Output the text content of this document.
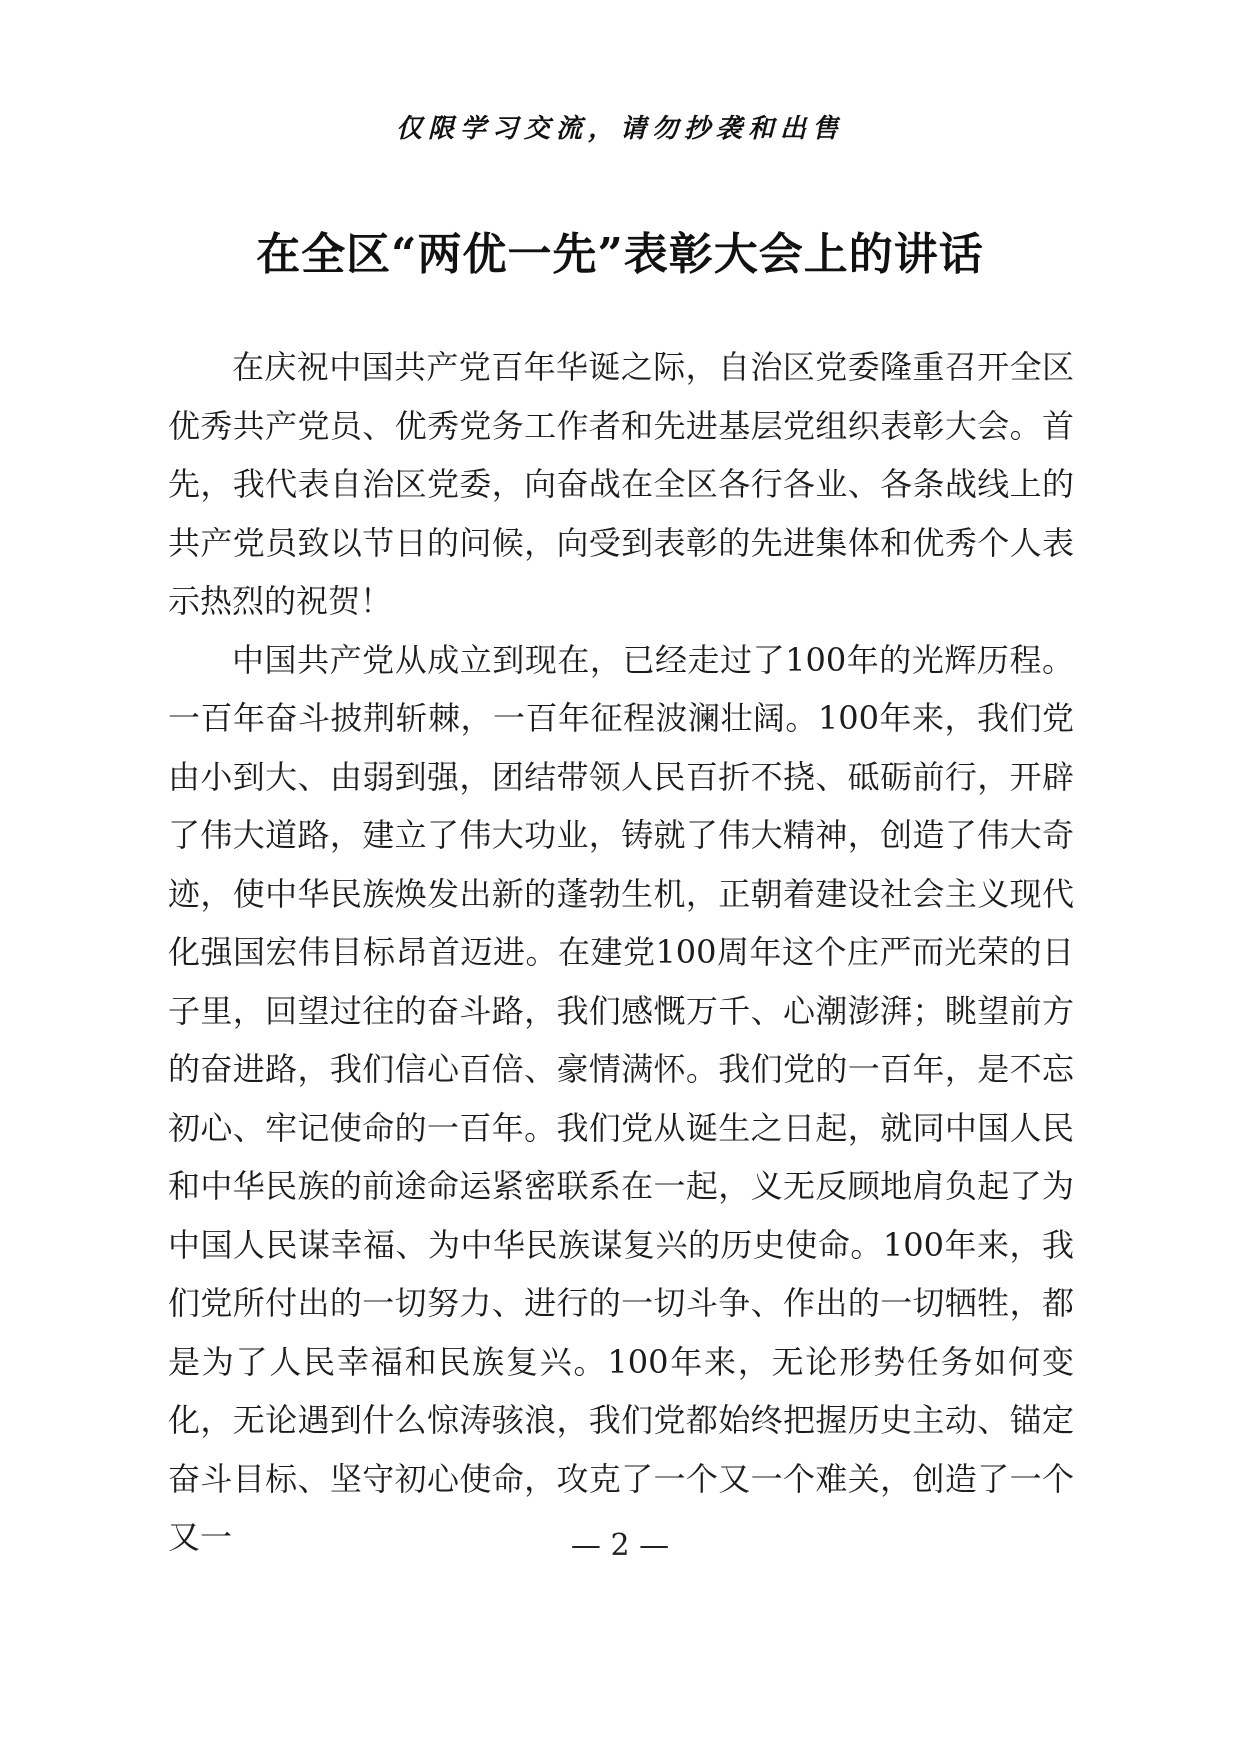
仅限学习交流，请勿抄袭和出售
在全区“两优一先”表彰大会上的讲话

在庆祝中国共产党百年华诞之际，自治区党委隆重召开全区优秀共产党员、优秀党务工作者和先进基层党组织表彰大会。首先，我代表自治区党委，向奋战在全区各行各业、各条战线上的共产党员致以节日的问候，向受到表彰的先进集体和优秀个人表示热烈的祝贺！

中国共产党从成立到现在，已经走过了100年的光辉历程。一百年奋斗披荆斩棘，一百年征程波澜壮阔。100年来，我们党由小到大、由弱到强，团结带领人民百折不挠、砥砺前行，开辟了伟大道路，建立了伟大功业，铸就了伟大精神，创造了伟大奇迹，使中华民族焕发出新的蓬勃生机，正朝着建设社会主义现代化强国宏伟目标昂首迈进。在建党100周年这个庄严而光荣的日子里，回望过往的奋斗路，我们感慨万千、心潮澎湃；眺望前方的奋进路，我们信心百倍、豪情满怀。我们党的一百年，是不忘初心、牢记使命的一百年。我们党从诞生之日起，就同中国人民和中华民族的前途命运紧密联系在一起，义无反顾地肩负起了为中国人民谋幸福、为中华民族谋复兴的历史使命。100年来，我们党所付出的一切努力、进行的一切斗争、作出的一切牺牲，都是为了人民幸福和民族复兴。100年来，无论形势任务如何变化，无论遇到什么惊涛骇浪，我们党都始终把握历史主动、锚定奋斗目标、坚守初心使命，攻克了一个又一个难关，创造了一个又一	— 2 —
